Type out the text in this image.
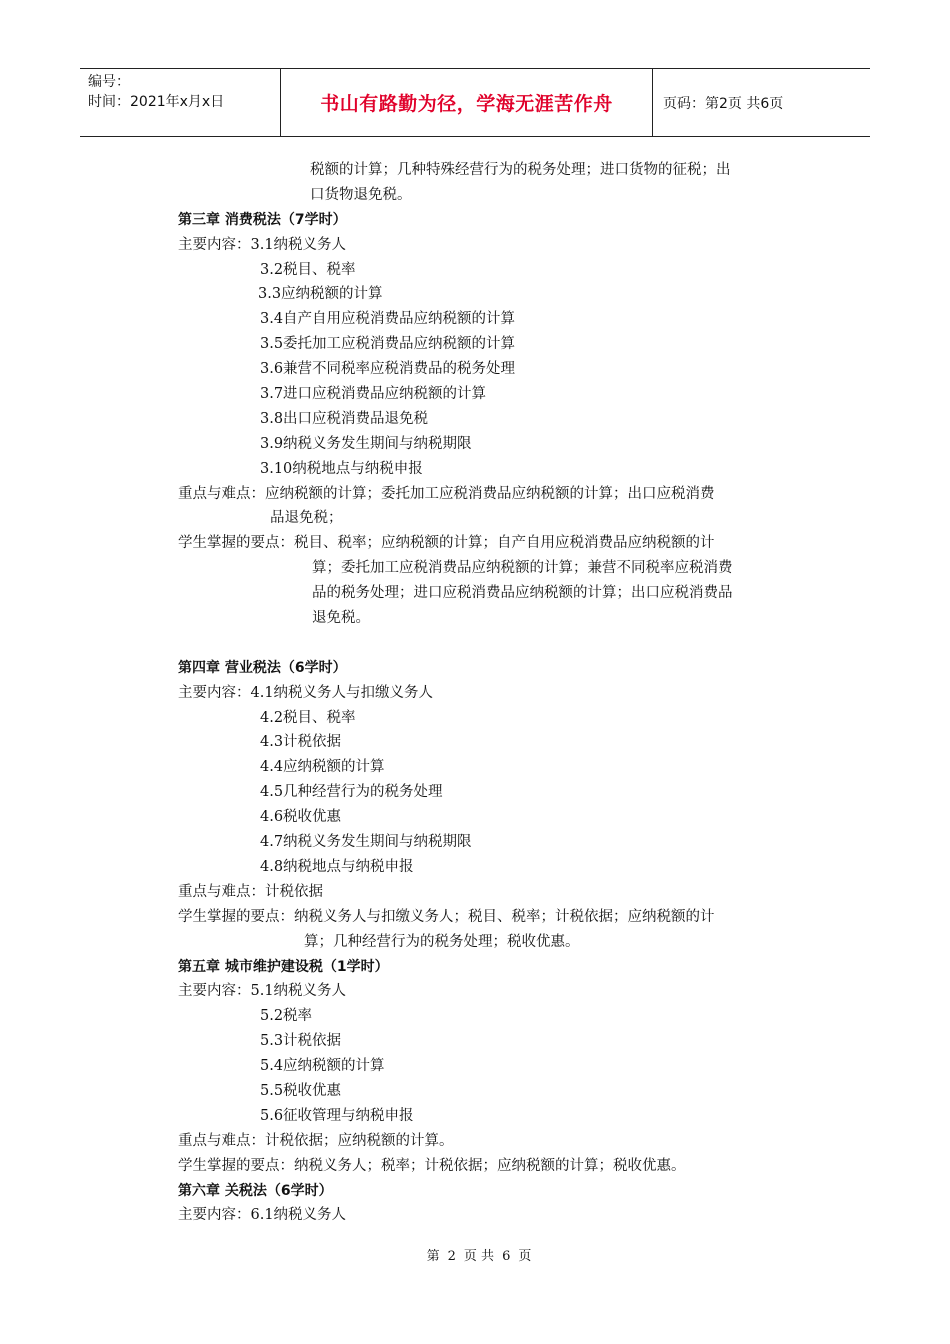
编号：
时间：2021年x月x日	书山有路勤为径，学海无涯苦作舟	页码：第2页 共6页
税额的计算；几种特殊经营行为的税务处理；进口货物的征税；出
口货物退免税。
第三章 消费税法（7学时）
主要内容：3.1纳税义务人
3.2税目、税率
3.3应纳税额的计算
3.4自产自用应税消费品应纳税额的计算
3.5委托加工应税消费品应纳税额的计算
3.6兼营不同税率应税消费品的税务处理
3.7进口应税消费品应纳税额的计算
3.8出口应税消费品退免税
3.9纳税义务发生期间与纳税期限
3.10纳税地点与纳税申报
重点与难点：应纳税额的计算；委托加工应税消费品应纳税额的计算；出口应税消费
品退免税；
学生掌握的要点：税目、税率；应纳税额的计算；自产自用应税消费品应纳税额的计
算；委托加工应税消费品应纳税额的计算；兼营不同税率应税消费
品的税务处理；进口应税消费品应纳税额的计算；出口应税消费品
退免税。
第四章 营业税法（6学时）
主要内容：4.1纳税义务人与扣缴义务人
4.2税目、税率
4.3计税依据
4.4应纳税额的计算
4.5几种经营行为的税务处理
4.6税收优惠
4.7纳税义务发生期间与纳税期限
4.8纳税地点与纳税申报
重点与难点：计税依据
学生掌握的要点：纳税义务人与扣缴义务人；税目、税率；计税依据；应纳税额的计
算；几种经营行为的税务处理；税收优惠。
第五章 城市维护建设税（1学时）
主要内容：5.1纳税义务人
5.2税率
5.3计税依据
5.4应纳税额的计算
5.5税收优惠
5.6征收管理与纳税申报
重点与难点：计税依据；应纳税额的计算。
学生掌握的要点：纳税义务人；税率；计税依据；应纳税额的计算；税收优惠。
第六章 关税法（6学时）
主要内容：6.1纳税义务人
第 2 页 共 6 页
